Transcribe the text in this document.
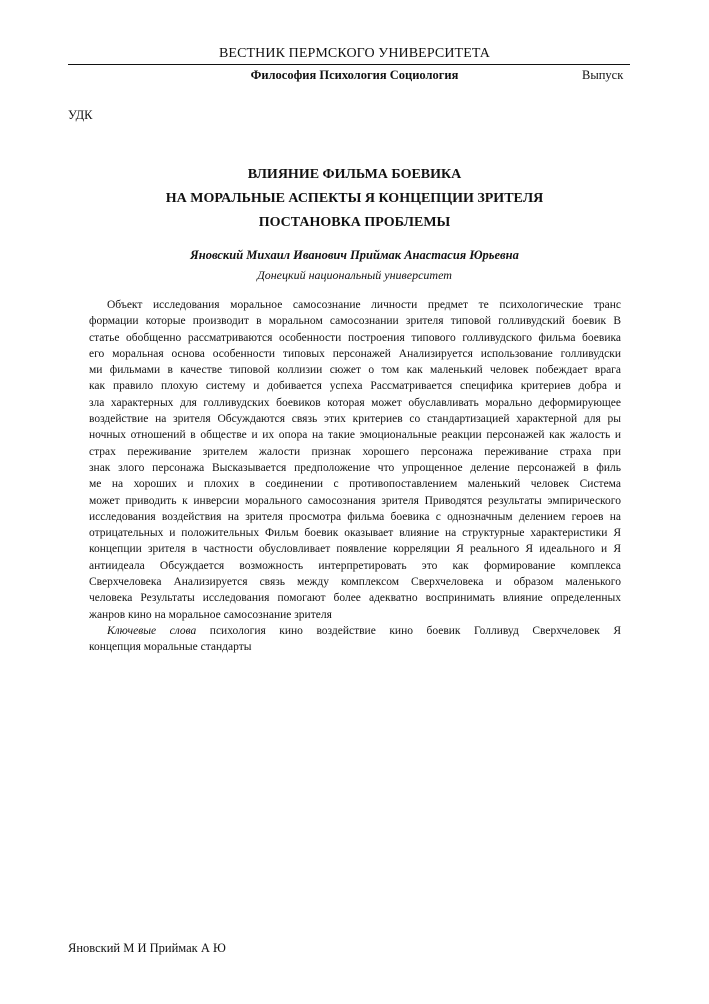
ВЕСТНИК ПЕРМСКОГО УНИВЕРСИТЕТА
Философия Психология Социология	Выпуск
УДК
ВЛИЯНИЕ ФИЛЬМА БОЕВИКА
НА МОРАЛЬНЫЕ АСПЕКТЫ Я КОНЦЕПЦИИ ЗРИТЕЛЯ
ПОСТАНОВКА ПРОБЛЕМЫ
Яновский Михаил Иванович Приймак Анастасия Юрьевна
Донецкий национальный университет
Объект исследования моральное самосознание личности предмет те психологические транс
формации которые производит в моральном самосознании зрителя типовой голливудский боевик В
статье обобщенно рассматриваются особенности построения типового голливудского фильма боевика
его моральная основа особенности типовых персонажей Анализируется использование голливудски
ми фильмами в качестве типовой коллизии сюжет о том как маленький человек побеждает врага
как правило плохую систему и добивается успеха Рассматривается специфика критериев добра и
зла характерных для голливудских боевиков которая может обуславливать морально деформирующее
воздействие на зрителя Обсуждаются связь этих критериев со стандартизацией характерной для ры
ночных отношений в обществе и их опора на такие эмоциональные реакции персонажей как жалость и
страх переживание зрителем жалости признак хорошего персонажа переживание страха при
знак злого персонажа Высказывается предположение что упрощенное деление персонажей в филь
ме на хороших и плохих в соединении с противопоставлением маленький человек Система
может приводить к инверсии морального самосознания зрителя Приводятся результаты эмпирического
исследования воздействия на зрителя просмотра фильма боевика с однозначным делением героев на
отрицательных и положительных Фильм боевик оказывает влияние на структурные характеристики Я
концепции зрителя в частности обусловливает появление корреляции Я реального Я идеального и Я
антиидеала Обсуждается возможность интерпретировать это как формирование комплекса
Сверхчеловека Анализируется связь между комплексом Сверхчеловека и образом маленького
человека Результаты исследования помогают более адекватно воспринимать влияние определенных
жанров кино на моральное самосознание зрителя
Ключевые слова психология кино воздействие кино боевик Голливуд Сверхчеловек Я
концепция моральные стандарты
Яновский М И Приймак А Ю
